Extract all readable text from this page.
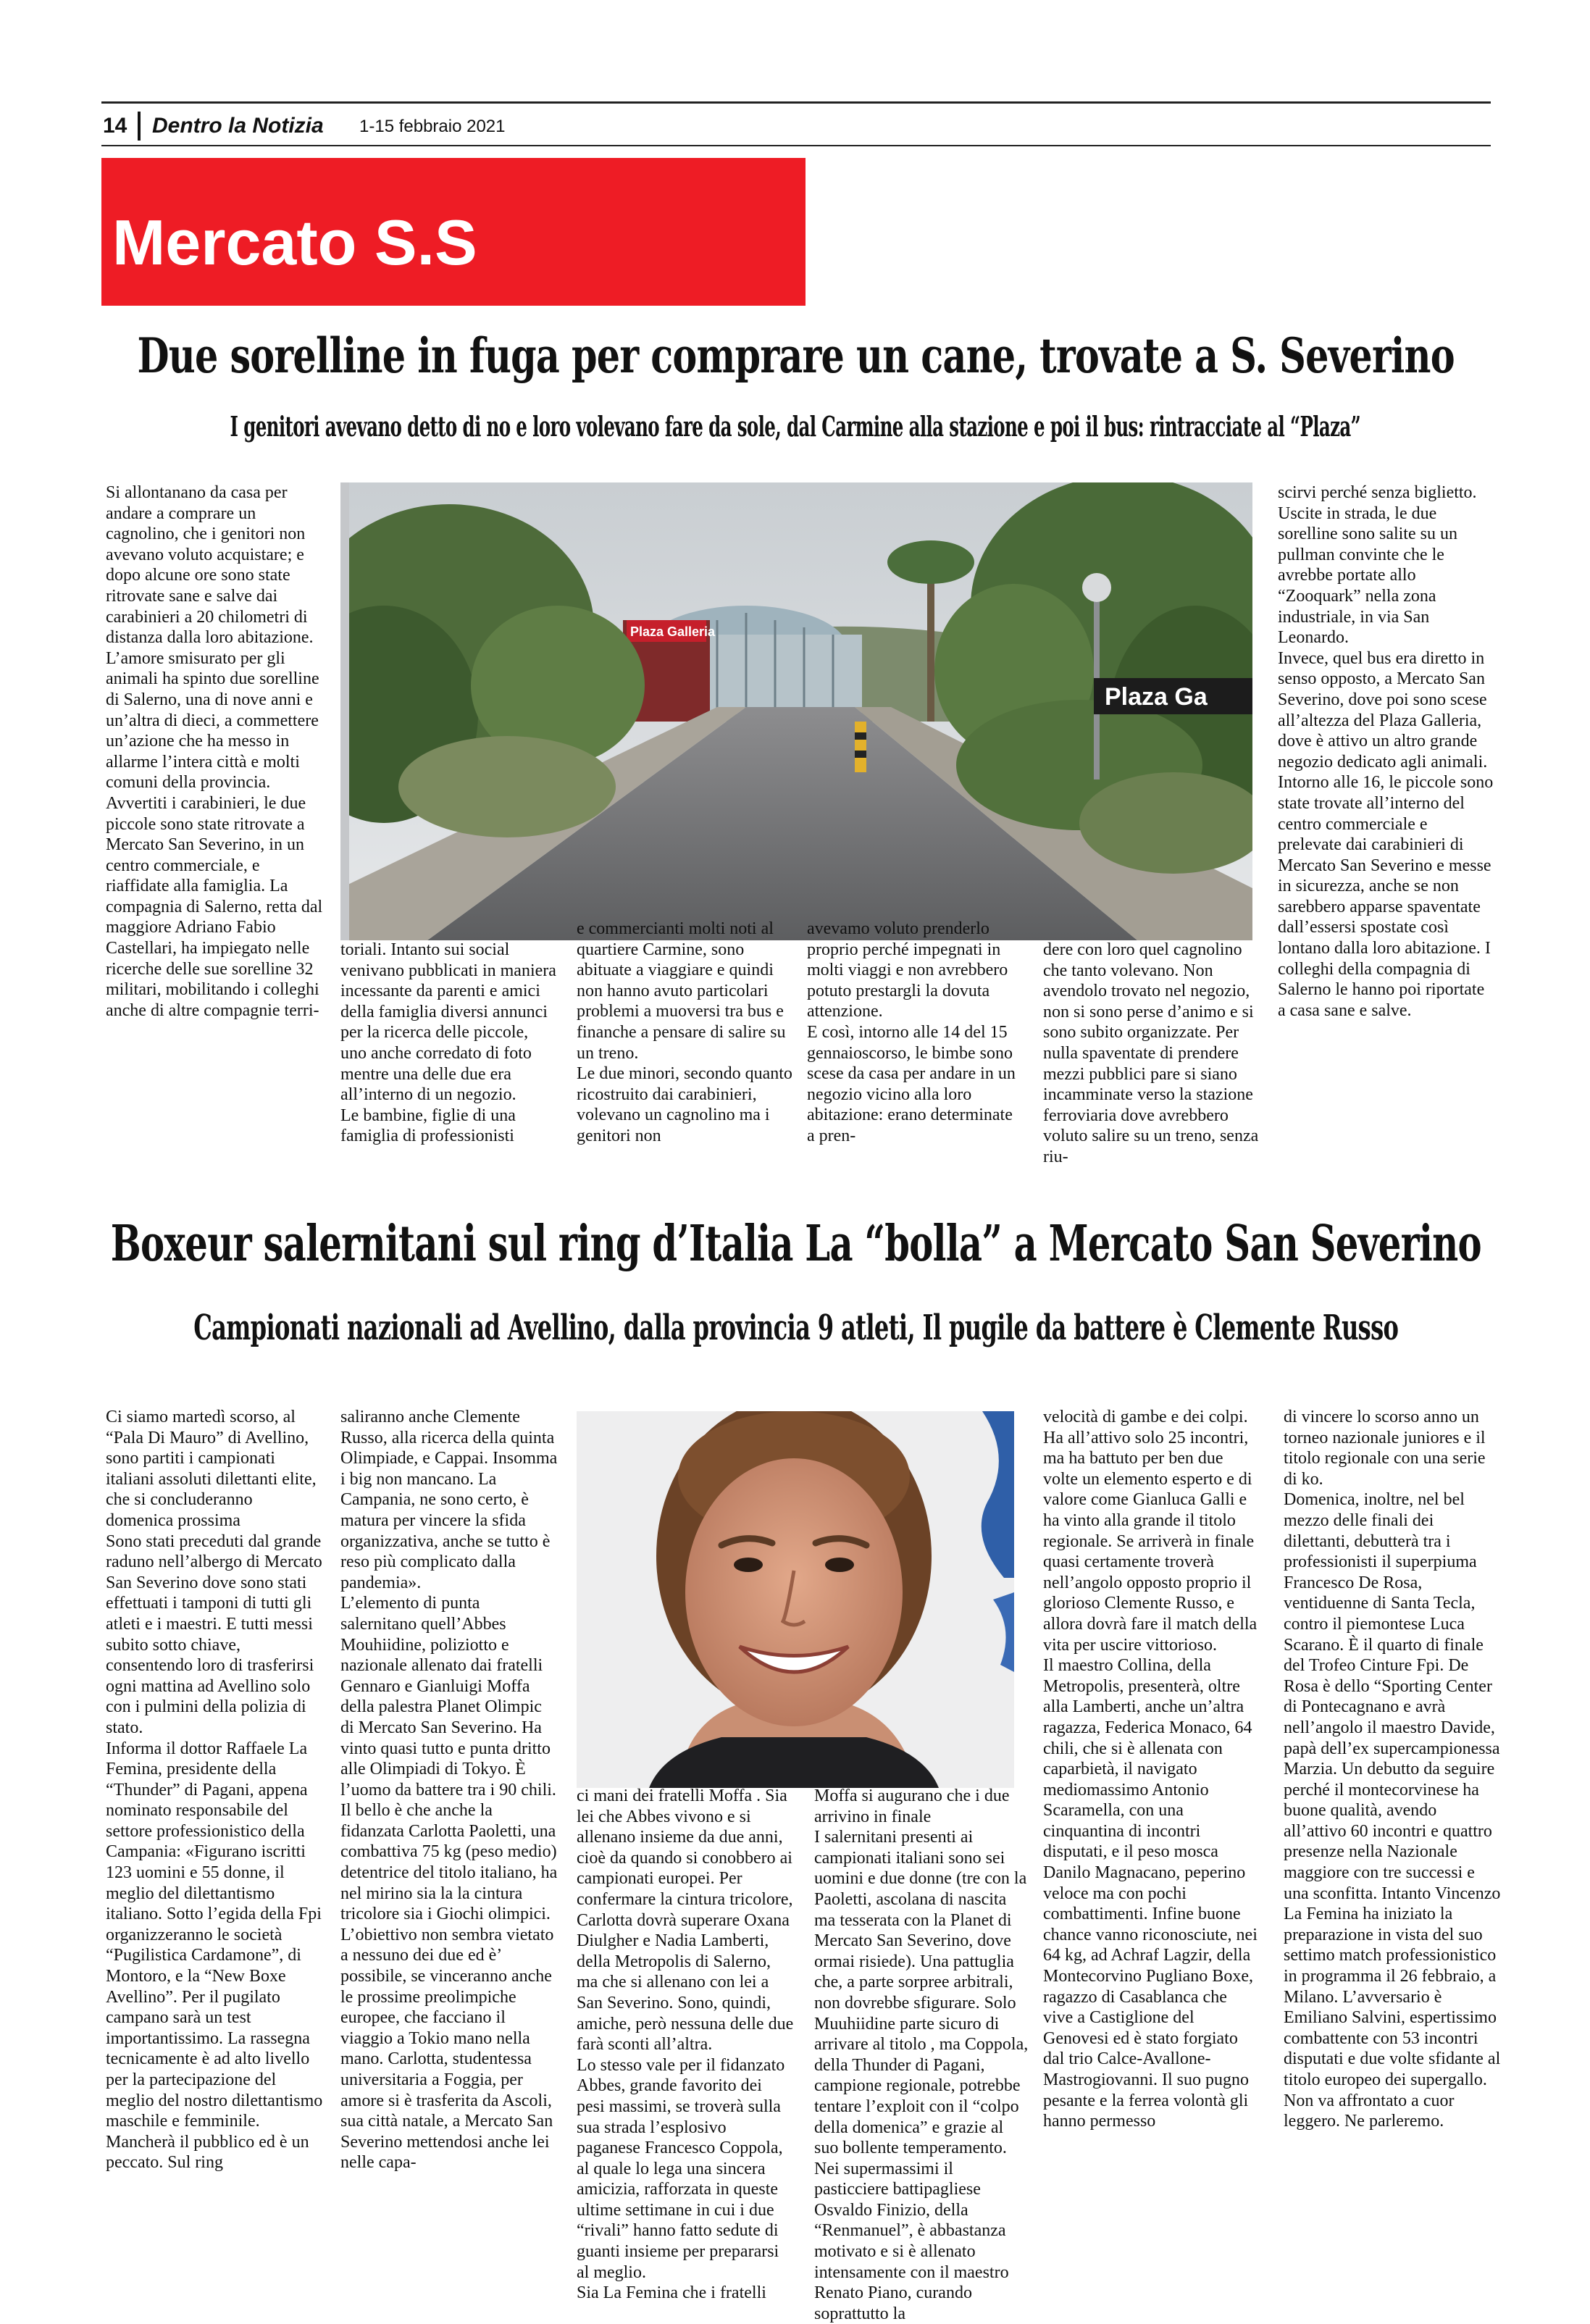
14 Dentro la Notizia 1-15 febbraio 2021
Mercato S.S
Due sorelline in fuga per comprare un cane, trovate a S. Severino
I genitori avevano detto di no e loro volevano fare da sole, dal Carmine alla stazione e poi il bus: rintracciate al “Plaza”
Plaza Galleria
Plaza Ga
Si allontanano da casa per andare a comprare un cagnolino, che i genitori non avevano voluto acquistare; e dopo alcune ore sono state ritrovate sane e salve dai carabinieri a 20 chilometri di distanza dalla loro abitazione.
L’amore smisurato per gli animali ha spinto due sorelline di Salerno, una di nove anni e un’altra di dieci, a commettere un’azione che ha messo in allarme l’intera città e molti comuni della provincia.
Avvertiti i carabinieri, le due piccole sono state ritrovate a Mercato San Severino, in un centro commerciale, e riaffidate alla famiglia. La compagnia di Salerno, retta dal maggiore Adriano Fabio Castellari, ha impiegato nelle ricerche delle sue sorelline 32 militari, mobilitando i colleghi anche di altre compagnie terri-
toriali. Intanto sui social venivano pubblicati in maniera incessante da parenti e amici della famiglia diversi annunci per la ricerca delle piccole, uno anche corredato di foto mentre una delle due era all’interno di un negozio.
Le bambine, figlie di una famiglia di professionisti
e commercianti molti noti al quartiere Carmine, sono abituate a viaggiare e quindi non hanno avuto particolari problemi a muoversi tra bus e finanche a pensare di salire su un treno.
Le due minori, secondo quanto ricostruito dai carabinieri, volevano un cagnolino ma i genitori non
avevamo voluto prenderlo proprio perché impegnati in molti viaggi e non avrebbero potuto prestargli la dovuta attenzione.
E così, intorno alle 14 del 15 gennaioscorso, le bimbe sono scese da casa per andare in un negozio vicino alla loro abitazione: erano determinate a pren-
dere con loro quel cagnolino che tanto volevano. Non avendolo trovato nel negozio, non si sono perse d’animo e si sono subito organizzate. Per nulla spaventate di prendere mezzi pubblici pare si siano incamminate verso la stazione ferroviaria dove avrebbero voluto salire su un treno, senza riu-
scirvi perché senza biglietto.
Uscite in strada, le due sorelline sono salite su un pullman convinte che le avrebbe portate allo “Zooquark” nella zona industriale, in via San Leonardo.
Invece, quel bus era diretto in senso opposto, a Mercato San Severino, dove poi sono scese all’altezza del Plaza Galleria, dove è attivo un altro grande negozio dedicato agli animali.
Intorno alle 16, le piccole sono state trovate all’interno del centro commerciale e prelevate dai carabinieri di Mercato San Severino e messe in sicurezza, anche se non sarebbero apparse spaventate dall’essersi spostate così lontano dalla loro abitazione. I colleghi della compagnia di Salerno le hanno poi riportate a casa sane e salve.
Boxeur salernitani sul ring d’Italia La “bolla” a Mercato San Severino
Campionati nazionali ad Avellino, dalla provincia 9 atleti, Il pugile da battere è Clemente Russo
Ci siamo martedì scorso, al “Pala Di Mauro” di Avellino, sono partiti i campionati italiani assoluti dilettanti elite, che si concluderanno domenica prossima
Sono stati preceduti dal grande raduno nell’albergo di Mercato San Severino dove sono stati effettuati i tamponi di tutti gli atleti e i maestri. E tutti messi subito sotto chiave, consentendo loro di trasferirsi ogni mattina ad Avellino solo con i pulmini della polizia di stato.
Informa il dottor Raffaele La Femina, presidente della “Thunder” di Pagani, appena nominato responsabile del settore professionistico della Campania: «Figurano iscritti 123 uomini e 55 donne, il meglio del dilettantismo italiano. Sotto l’egida della Fpi organizzeranno le società “Pugilistica Cardamone”, di Montoro, e la “New Boxe Avellino”. Per il pugilato campano sarà un test importantissimo. La rassegna tecnicamente è ad alto livello per la partecipazione del meglio del nostro dilettantismo maschile e femminile. Mancherà il pubblico ed è un peccato. Sul ring
saliranno anche Clemente Russo, alla ricerca della quinta Olimpiade, e Cappai. Insomma i big non mancano. La Campania, ne sono certo, è matura per vincere la sfida organizzativa, anche se tutto è reso più complicato dalla pandemia».
L’elemento di punta salernitano quell’Abbes Mouhiidine, poliziotto e nazionale allenato dai fratelli Gennaro e Gianluigi Moffa della palestra Planet Olimpic di Mercato San Severino. Ha vinto quasi tutto e punta dritto alle Olimpiadi di Tokyo. È l’uomo da battere tra i 90 chili. Il bello è che anche la fidanzata Carlotta Paoletti, una combattiva 75 kg (peso medio) detentrice del titolo italiano, ha nel mirino sia la la cintura tricolore sia i Giochi olimpici. L’obiettivo non sembra vietato a nessuno dei due ed è’ possibile, se vinceranno anche le prossime preolimpiche europee, che facciano il viaggio a Tokio mano nella mano. Carlotta, studentessa universitaria a Foggia, per amore si è trasferita da Ascoli, sua città natale, a Mercato San Severino mettendosi anche lei nelle capa-
ci mani dei fratelli Moffa . Sia lei che Abbes vivono e si allenano insieme da due anni, cioè da quando si conobbero ai campionati europei. Per confermare la cintura tricolore, Carlotta dovrà superare Oxana Diulgher e Nadia Lamberti, della Metropolis di Salerno, ma che si allenano con lei a San Severino. Sono, quindi, amiche, però nessuna delle due farà sconti all’altra.
Lo stesso vale per il fidanzato Abbes, grande favorito dei pesi massimi, se troverà sulla sua strada l’esplosivo paganese Francesco Coppola, al quale lo lega una sincera amicizia, rafforzata in queste ultime settimane in cui i due “rivali” hanno fatto sedute di guanti insieme per prepararsi al meglio.
Sia La Femina che i fratelli
Moffa si augurano che i due arrivino in finale
I salernitani presenti ai campionati italiani sono sei uomini e due donne (tre con la Paoletti, ascolana di nascita ma tesserata con la Planet di Mercato San Severino, dove ormai risiede). Una pattuglia che, a parte sorpree arbitrali, non dovrebbe sfigurare. Solo Muuhiidine parte sicuro di arrivare al titolo , ma Coppola, della Thunder di Pagani, campione regionale, potrebbe tentare l’exploit con il “colpo della domenica” e grazie al suo bollente temperamento. Nei supermassimi il pasticciere battipagliese Osvaldo Finizio, della “Renmanuel”, è abbastanza motivato e si è allenato intensamente con il maestro Renato Piano, curando soprattutto la
velocità di gambe e dei colpi. Ha all’attivo solo 25 incontri, ma ha battuto per ben due volte un elemento esperto e di valore come Gianluca Galli e ha vinto alla grande il titolo regionale. Se arriverà in finale quasi certamente troverà nell’angolo opposto proprio il glorioso Clemente Russo, e allora dovrà fare il match della vita per uscire vittorioso.
Il maestro Collina, della Metropolis, presenterà, oltre alla Lamberti, anche un’altra ragazza, Federica Monaco, 64 chili, che si è allenata con caparbietà, il navigato mediomassimo Antonio Scaramella, con una cinquantina di incontri disputati, e il peso mosca Danilo Magnacano, peperino veloce ma con pochi combattimenti. Infine buone chance vanno riconosciute, nei 64 kg, ad Achraf Lagzir, della Montecorvino Pugliano Boxe, ragazzo di Casablanca che vive a Castiglione del Genovesi ed è stato forgiato dal trio Calce-Avallone-Mastrogiovanni. Il suo pugno pesante e la ferrea volontà gli hanno permesso
di vincere lo scorso anno un torneo nazionale juniores e il titolo regionale con una serie di ko.
Domenica, inoltre, nel bel mezzo delle finali dei dilettanti, debutterà tra i professionisti il superpiuma Francesco De Rosa, ventiduenne di Santa Tecla, contro il piemontese Luca Scarano. È il quarto di finale del Trofeo Cinture Fpi. De Rosa è dello “Sporting Center di Pontecagnano e avrà nell’angolo il maestro Davide, papà dell’ex supercampionessa Marzia. Un debutto da seguire perché il montecorvinese ha buone qualità, avendo all’attivo 60 incontri e quattro presenze nella Nazionale maggiore con tre successi e una sconfitta. Intanto Vincenzo La Femina ha iniziato la preparazione in vista del suo settimo match professionistico in programma il 26 febbraio, a Milano. L’avversario è Emiliano Salvini, espertissimo combattente con 53 incontri disputati e due volte sfidante al titolo europeo dei supergallo. Non va affrontato a cuor leggero. Ne parleremo.
